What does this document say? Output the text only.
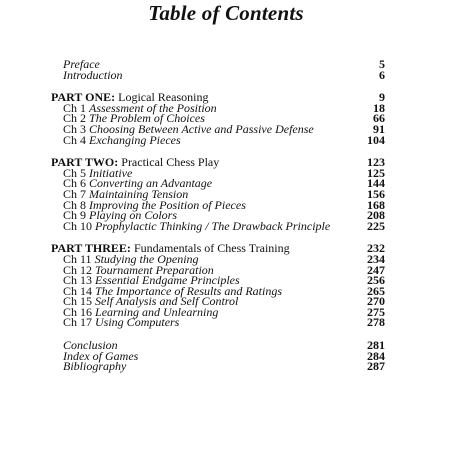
Table of Contents
Preface	5
Introduction	6
PART ONE: Logical Reasoning	9
Ch 1 Assessment of the Position	18
Ch 2 The Problem of Choices	66
Ch 3 Choosing Between Active and Passive Defense	91
Ch 4 Exchanging Pieces	104
PART TWO: Practical Chess Play	123
Ch 5 Initiative	125
Ch 6 Converting an Advantage	144
Ch 7 Maintaining Tension	156
Ch 8 Improving the Position of Pieces	168
Ch 9 Playing on Colors	208
Ch 10 Prophylactic Thinking / The Drawback Principle	225
PART THREE: Fundamentals of Chess Training	232
Ch 11 Studying the Opening	234
Ch 12 Tournament Preparation	247
Ch 13 Essential Endgame Principles	256
Ch 14 The Importance of Results and Ratings	265
Ch 15 Self Analysis and Self Control	270
Ch 16 Learning and Unlearning	275
Ch 17 Using Computers	278
Conclusion	281
Index of Games	284
Bibliography	287
